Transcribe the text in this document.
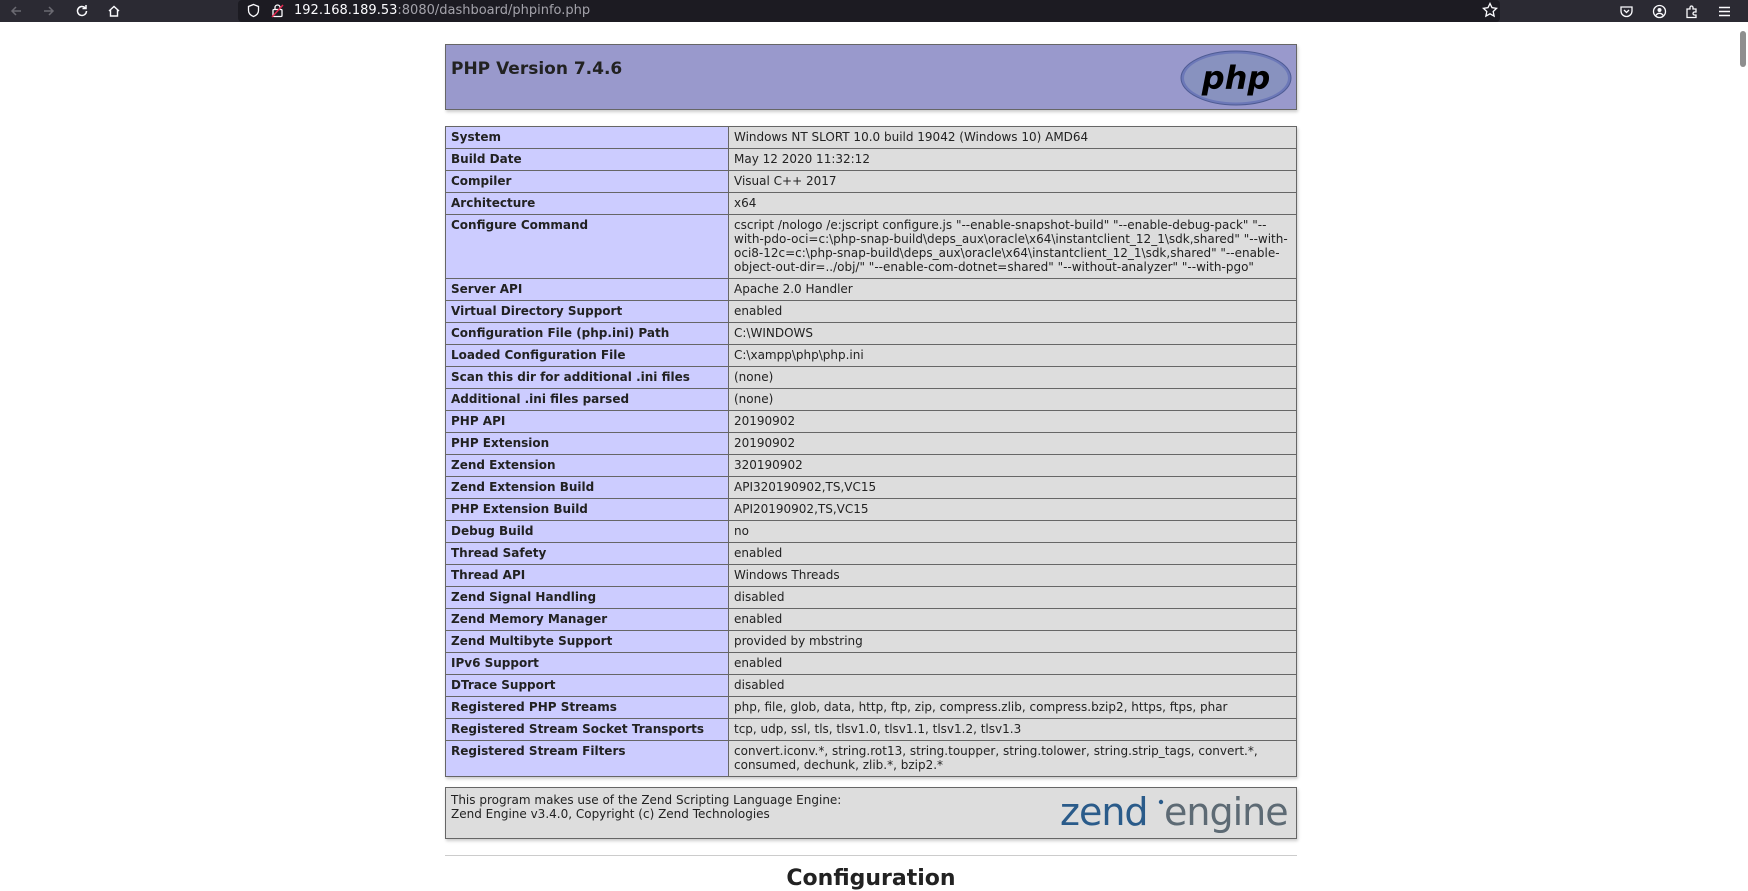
192.168.189.53:8080/dashboard/phpinfo.php
PHP Version 7.4.6	php
System	Windows NT SLORT 10.0 build 19042 (Windows 10) AMD64
Build Date	May 12 2020 11:32:12
Compiler	Visual C++ 2017
Architecture	x64
Configure Command	cscript /nologo /e:jscript configure.js "--enable-snapshot-build" "--enable-debug-pack" "--with-pdo-oci=c:\php-snap-build\deps_aux\oracle\x64\instantclient_12_1\sdk,shared" "--with-oci8-12c=c:\php-snap-build\deps_aux\oracle\x64\instantclient_12_1\sdk,shared" "--enable-object-out-dir=../obj/" "--enable-com-dotnet=shared" "--without-analyzer" "--with-pgo"
Server API	Apache 2.0 Handler
Virtual Directory Support	enabled
Configuration File (php.ini) Path	C:\WINDOWS
Loaded Configuration File	C:\xampp\php\php.ini
Scan this dir for additional .ini files	(none)
Additional .ini files parsed	(none)
PHP API	20190902
PHP Extension	20190902
Zend Extension	320190902
Zend Extension Build	API320190902,TS,VC15
PHP Extension Build	API20190902,TS,VC15
Debug Build	no
Thread Safety	enabled
Thread API	Windows Threads
Zend Signal Handling	disabled
Zend Memory Manager	enabled
Zend Multibyte Support	provided by mbstring
IPv6 Support	enabled
DTrace Support	disabled
Registered PHP Streams	php, file, glob, data, http, ftp, zip, compress.zlib, compress.bzip2, https, ftps, phar
Registered Stream Socket Transports	tcp, udp, ssl, tls, tlsv1.0, tlsv1.1, tlsv1.2, tlsv1.3
Registered Stream Filters	convert.iconv.*, string.rot13, string.toupper, string.tolower, string.strip_tags, convert.*, consumed, dechunk, zlib.*, bzip2.*
This program makes use of the Zend Scripting Language Engine:
Zend Engine v3.4.0, Copyright (c) Zend Technologies	zend engine
Configuration
